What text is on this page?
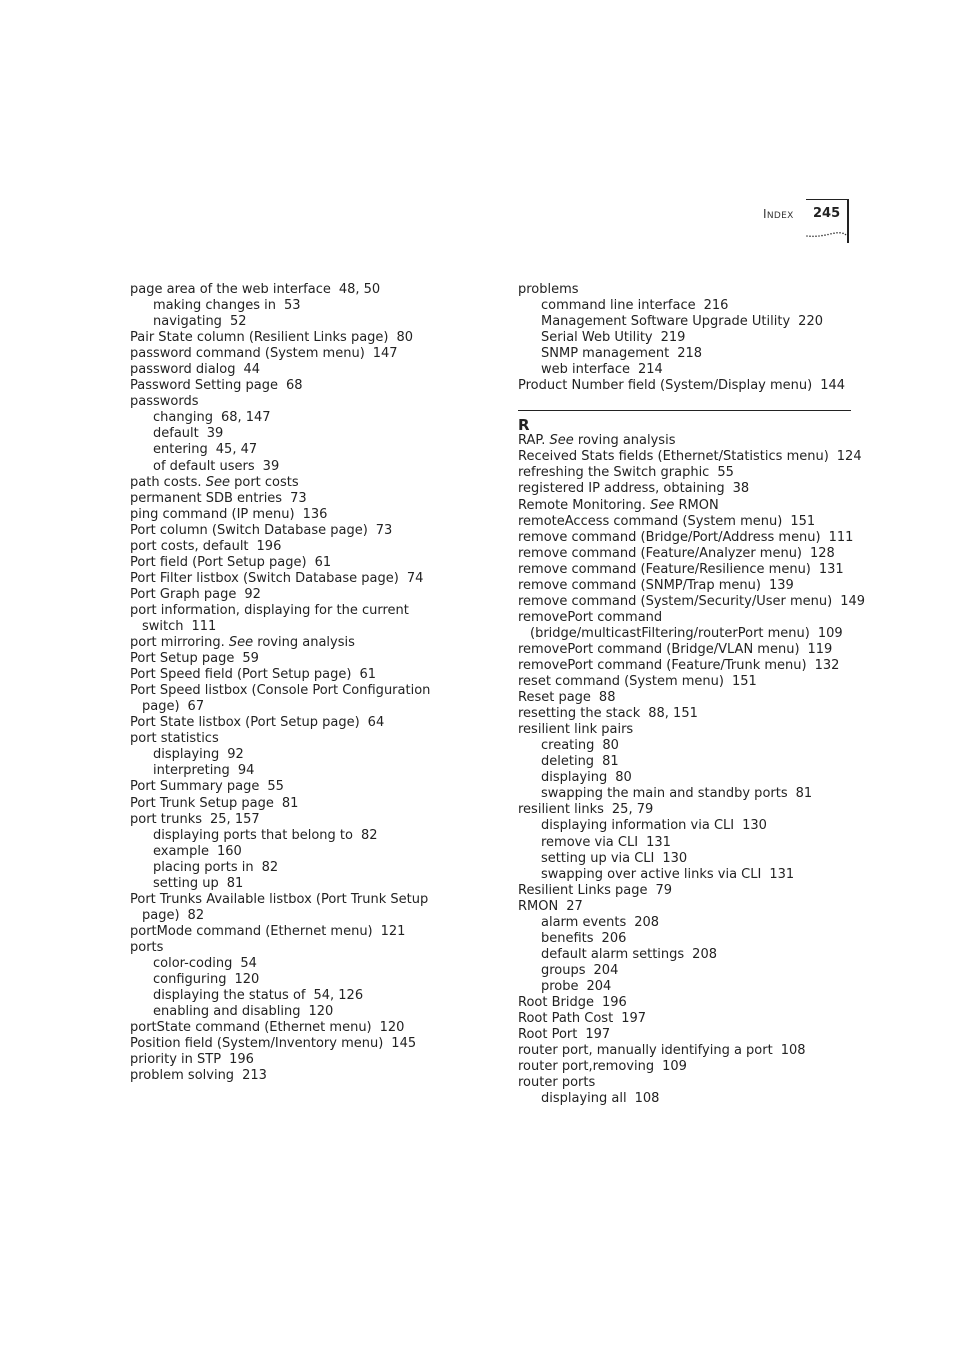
INDEX 245
page area of the web interface 48, 50
making changes in 53
navigating 52
Pair State column (Resilient Links page) 80
password command (System menu) 147
password dialog 44
Password Setting page 68
passwords
changing 68, 147
default 39
entering 45, 47
of default users 39
path costs. See port costs
permanent SDB entries 73
ping command (IP menu) 136
Port column (Switch Database page) 73
port costs, default 196
Port field (Port Setup page) 61
Port Filter listbox (Switch Database page) 74
Port Graph page 92
port information, displaying for the current
switch 111
port mirroring. See roving analysis
Port Setup page 59
Port Speed field (Port Setup page) 61
Port Speed listbox (Console Port Configuration
page) 67
Port State listbox (Port Setup page) 64
port statistics
displaying 92
interpreting 94
Port Summary page 55
Port Trunk Setup page 81
port trunks 25, 157
displaying ports that belong to 82
example 160
placing ports in 82
setting up 81
Port Trunks Available listbox (Port Trunk Setup
page) 82
portMode command (Ethernet menu) 121
ports
color-coding 54
configuring 120
displaying the status of 54, 126
enabling and disabling 120
portState command (Ethernet menu) 120
Position field (System/Inventory menu) 145
priority in STP 196
problem solving 213
problems
command line interface 216
Management Software Upgrade Utility 220
Serial Web Utility 219
SNMP management 218
web interface 214
Product Number field (System/Display menu) 144
R
RAP. See roving analysis
Received Stats fields (Ethernet/Statistics menu) 124
refreshing the Switch graphic 55
registered IP address, obtaining 38
Remote Monitoring. See RMON
remoteAccess command (System menu) 151
remove command (Bridge/Port/Address menu) 111
remove command (Feature/Analyzer menu) 128
remove command (Feature/Resilience menu) 131
remove command (SNMP/Trap menu) 139
remove command (System/Security/User menu) 149
removePort command
(bridge/multicastFiltering/routerPort menu) 109
removePort command (Bridge/VLAN menu) 119
removePort command (Feature/Trunk menu) 132
reset command (System menu) 151
Reset page 88
resetting the stack 88, 151
resilient link pairs
creating 80
deleting 81
displaying 80
swapping the main and standby ports 81
resilient links 25, 79
displaying information via CLI 130
remove via CLI 131
setting up via CLI 130
swapping over active links via CLI 131
Resilient Links page 79
RMON 27
alarm events 208
benefits 206
default alarm settings 208
groups 204
probe 204
Root Bridge 196
Root Path Cost 197
Root Port 197
router port, manually identifying a port 108
router port,removing 109
router ports
displaying all 108
